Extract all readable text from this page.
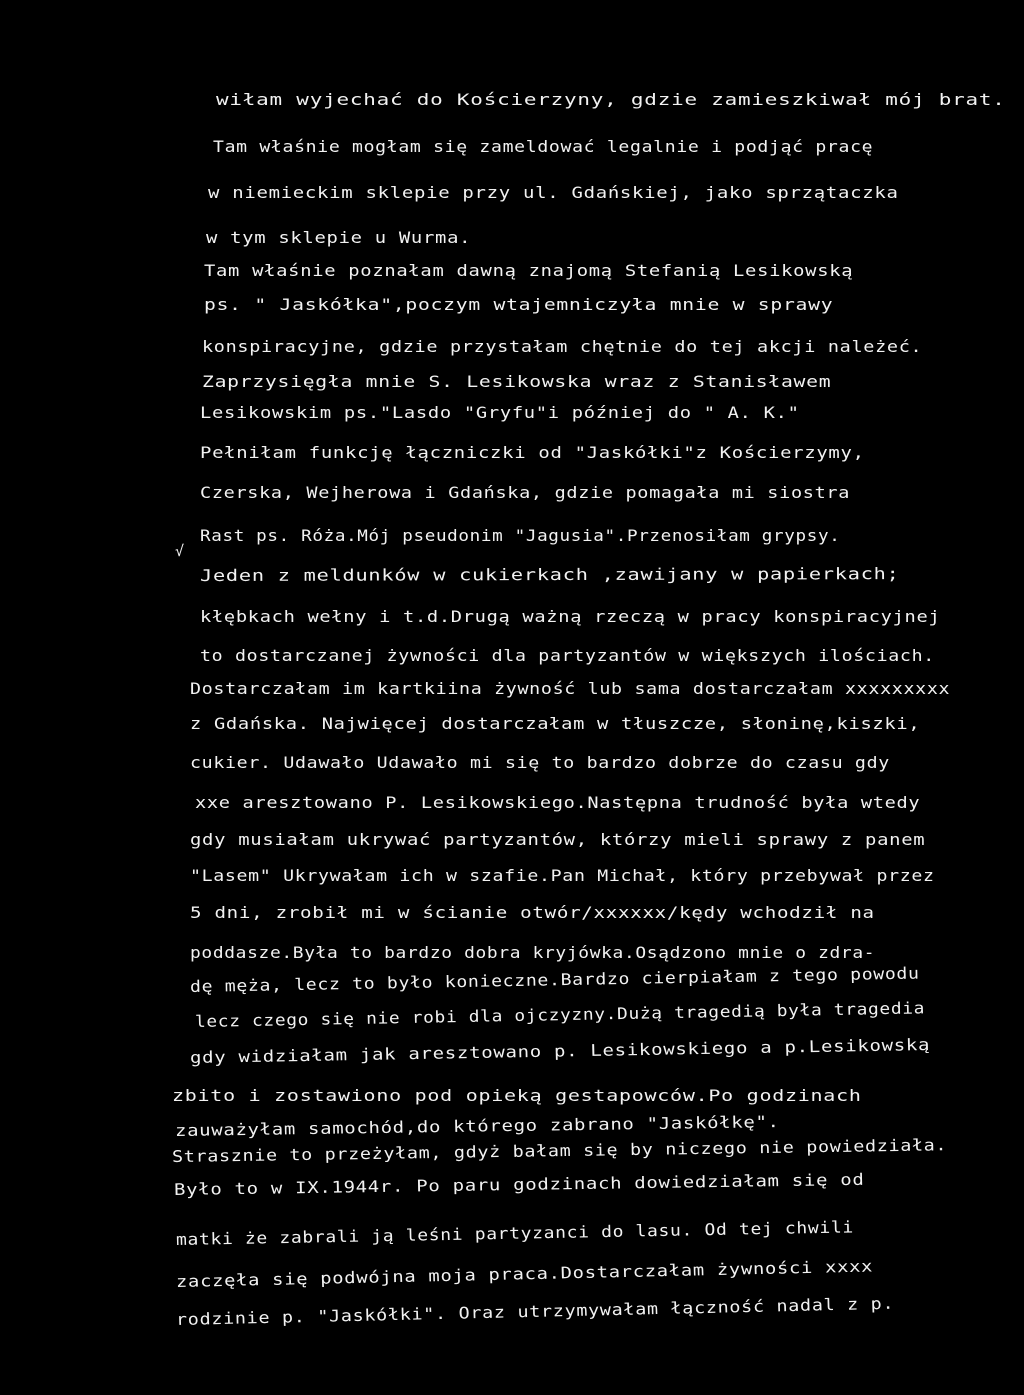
√
wiłam wyjechać do Kościerzyny, gdzie zamieszkiwał mój brat.
Tam właśnie mogłam się zameldować legalnie i podjąć pracę
w niemieckim sklepie przy ul. Gdańskiej, jako sprzątaczka
w tym sklepie u Wurma.
Tam właśnie poznałam dawną znajomą Stefanią Lesikowską
ps. " Jaskółka",poczym wtajemniczyła mnie w sprawy
konspiracyjne, gdzie przystałam chętnie do tej akcji należeć.
Zaprzysięgła mnie S. Lesikowska wraz z Stanisławem
Lesikowskim ps."Lasdo "Gryfu"i później do " A. K."
Pełniłam funkcję łączniczki od "Jaskółki"z Kościerzymy,
Czerska, Wejherowa i Gdańska, gdzie pomagała mi siostra
Rast ps. Róża.Mój pseudonim "Jagusia".Przenosiłam grypsy.
Jeden z meldunków w cukierkach ,zawijany w papierkach;
kłębkach wełny i t.d.Drugą ważną rzeczą w pracy konspiracyjnej
to dostarczanej żywności dla partyzantów w większych ilościach.
Dostarczałam im kartkiina żywność lub sama dostarczałam xxxxxxxxx
z Gdańska. Najwięcej dostarczałam w tłuszcze, słoninę,kiszki,
cukier. Udawało Udawało mi się to bardzo dobrze do czasu gdy
xxe aresztowano P. Lesikowskiego.Następna trudność była wtedy
gdy musiałam ukrywać partyzantów, którzy mieli sprawy z panem
"Lasem" Ukrywałam ich w szafie.Pan Michał, który przebywał przez
5 dni, zrobił mi w ścianie otwór/xxxxxx/kędy wchodził na
poddasze.Była to bardzo dobra kryjówka.Osądzono mnie o zdra-
dę męża, lecz to było konieczne.Bardzo cierpiałam z tego powodu
lecz czego się nie robi dla ojczyzny.Dużą tragedią była tragedia
gdy widziałam jak aresztowano p. Lesikowskiego a p.Lesikowską
zbito i zostawiono pod opieką gestapowców.Po godzinach
zauważyłam samochód,do którego zabrano "Jaskółkę".
Strasznie to przeżyłam, gdyż bałam się by niczego nie powiedziała.
Było to w IX.1944r. Po paru godzinach dowiedziałam się od
matki że zabrali ją leśni partyzanci do lasu. Od tej chwili
zaczęła się podwójna moja praca.Dostarczałam żywności xxxx
rodzinie p. "Jaskółki". Oraz utrzymywałam łączność nadal z p.
